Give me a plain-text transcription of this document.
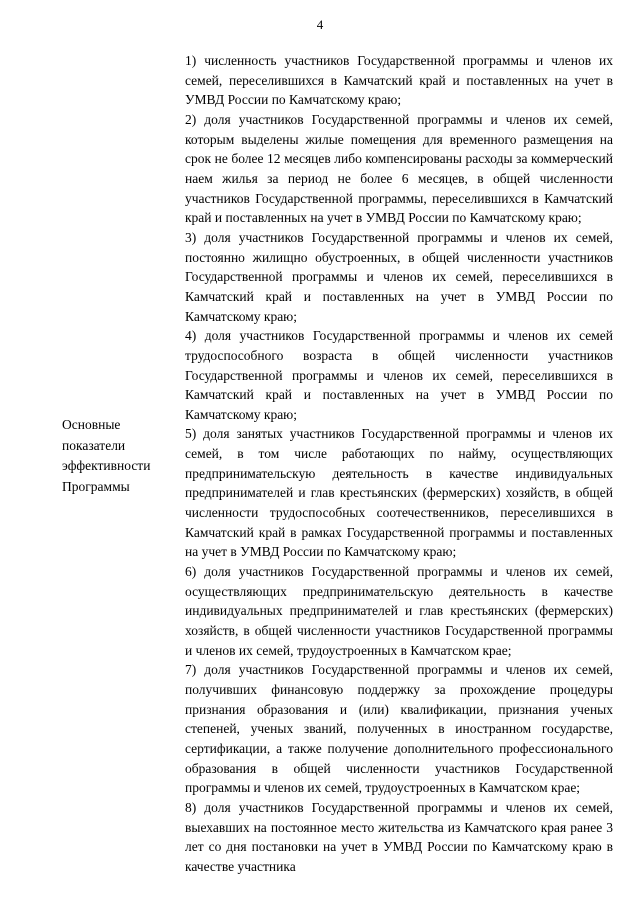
4
Основные
показатели
эффективности
Программы

1) численность участников Государственной программы и членов их семей, переселившихся в Камчатский край и поставленных на учет в УМВД России по Камчатскому краю;

2) доля участников Государственной программы и членов их семей, которым выделены жилые помещения для временного размещения на срок не более 12 месяцев либо компенсированы расходы за коммерческий наем жилья за период не более 6 месяцев, в общей численности участников Государственной программы, переселившихся в Камчатский край и поставленных на учет в УМВД России по Камчатскому краю;

3) доля участников Государственной программы и членов их семей, постоянно жилищно обустроенных, в общей численности участников Государственной программы и членов их семей, переселившихся в Камчатский край и поставленных на учет в УМВД России по Камчатскому краю;

4) доля участников Государственной программы и членов их семей трудоспособного возраста в общей численности участников Государственной программы и членов их семей, переселившихся в Камчатский край и поставленных на учет в УМВД России по Камчатскому краю;

5) доля занятых участников Государственной программы и членов их семей, в том числе работающих по найму, осуществляющих предпринимательскую деятельность в качестве индивидуальных предпринимателей и глав крестьянских (фермерских) хозяйств, в общей численности трудоспособных соотечественников, переселившихся в Камчатский край в рамках Государственной программы и поставленных на учет в УМВД России по Камчатскому краю;

6) доля участников Государственной программы и членов их семей, осуществляющих предпринимательскую деятельность в качестве индивидуальных предпринимателей и глав крестьянских (фермерских) хозяйств, в общей численности участников Государственной программы и членов их семей, трудоустроенных в Камчатском крае;

7) доля участников Государственной программы и членов их семей, получивших финансовую поддержку за прохождение процедуры признания образования и (или) квалификации, признания ученых степеней, ученых званий, полученных в иностранном государстве, сертификации, а также получение дополнительного профессионального образования в общей численности участников Государственной программы и членов их семей, трудоустроенных в Камчатском крае;

8) доля участников Государственной программы и членов их семей, выехавших на постоянное место жительства из Камчатского края ранее 3 лет со дня постановки на учет в УМВД России по Камчатскому краю в качестве участника
